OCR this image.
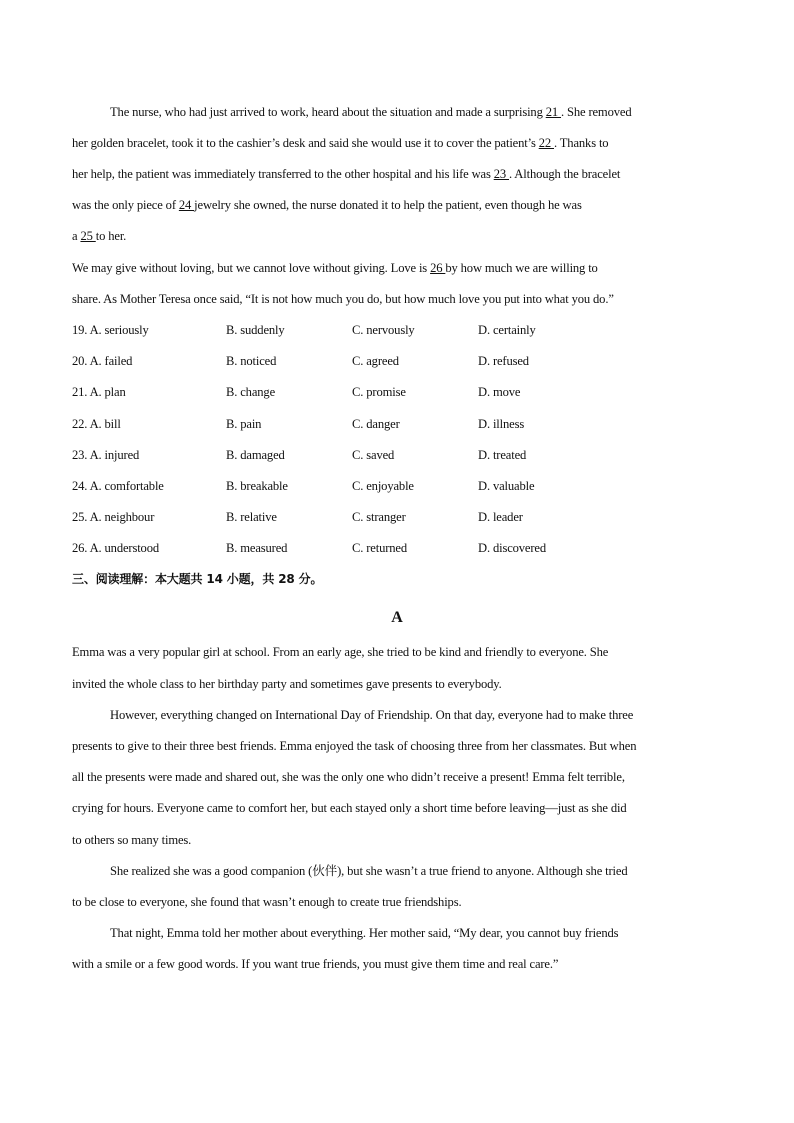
The nurse, who had just arrived to work, heard about the situation and made a surprising 21 . She removed
her golden bracelet, took it to the cashier’s desk and said she would use it to cover the patient’s 22 . Thanks to
her help, the patient was immediately transferred to the other hospital and his life was 23 . Although the bracelet
was the only piece of 24 jewelry she owned, the nurse donated it to help the patient, even though he was
a 25 to her.
We may give without loving, but we cannot love without giving. Love is 26 by how much we are willing to
share. As Mother Teresa once said, “It is not how much you do, but how much love you put into what you do.”
19. A. seriously	B. suddenly	C. nervously	D. certainly
20. A. failed	B. noticed	C. agreed	D. refused
21. A. plan	B. change	C. promise	D. move
22. A. bill	B. pain	C. danger	D. illness
23. A. injured	B. damaged	C. saved	D. treated
24. A. comfortable	B. breakable	C. enjoyable	D. valuable
25. A. neighbour	B. relative	C. stranger	D. leader
26. A. understood	B. measured	C. returned	D. discovered
三、阅读理解：本大题共 14 小题，共 28 分。
A
Emma was a very popular girl at school. From an early age, she tried to be kind and friendly to everyone. She
invited the whole class to her birthday party and sometimes gave presents to everybody.
However, everything changed on International Day of Friendship. On that day, everyone had to make three
presents to give to their three best friends. Emma enjoyed the task of choosing three from her classmates. But when
all the presents were made and shared out, she was the only one who didn’t receive a present! Emma felt terrible,
crying for hours. Everyone came to comfort her, but each stayed only a short time before leaving—just as she did
to others so many times.
She realized she was a good companion (伙伴), but she wasn’t a true friend to anyone. Although she tried
to be close to everyone, she found that wasn’t enough to create true friendships.
That night, Emma told her mother about everything. Her mother said, “My dear, you cannot buy friends
with a smile or a few good words. If you want true friends, you must give them time and real care.”
